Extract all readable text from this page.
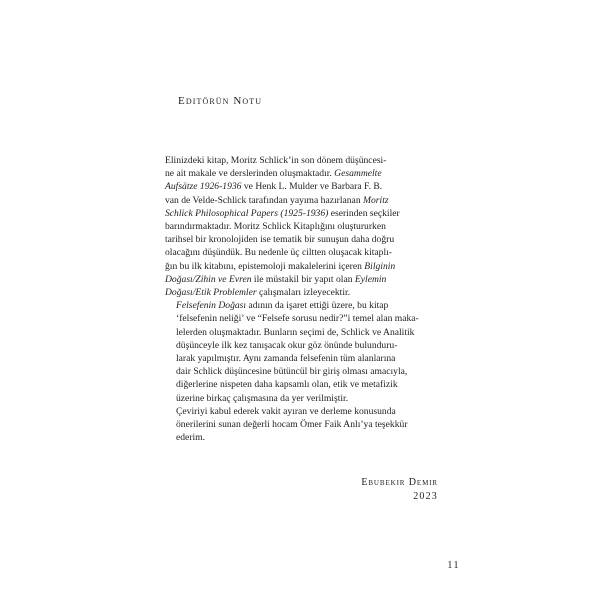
Editörün Notu

Elinizdeki kitap, Moritz Schlick’in son dönem düşüncesi-
ne ait makale ve derslerinden oluşmaktadır. Gesammelte
Aufsätze 1926-1936 ve Henk L. Mulder ve Barbara F. B.
van de Velde-Schlick tarafından yayıma hazırlanan Moritz
Schlick Philosophical Papers (1925-1936) eserinden seçkiler
barındırmaktadır. Moritz Schlick Kitaplığını oluştururken
tarihsel bir kronolojiden ise tematik bir sunuşun daha doğru
olacağını düşündük. Bu nedenle üç ciltten oluşacak kitaplı-
ğın bu ilk kitabını, epistemoloji makalelerini içeren Bilginin
Doğası/Zihin ve Evren ile müstakil bir yapıt olan Eylemin
Doğası/Etik Problemler çalışmaları izleyecektir.

Felsefenin Doğası adının da işaret ettiği üzere, bu kitap
‘felsefenin neliği’ ve “Felsefe sorusu nedir?”i temel alan maka-
lelerden oluşmaktadır. Bunların seçimi de, Schlick ve Analitik
düşünceyle ilk kez tanışacak okur göz önünde bulunduru-
larak yapılmıştır. Aynı zamanda felsefenin tüm alanlarına
dair Schlick düşüncesine bütüncül bir giriş olması amacıyla,
diğerlerine nispeten daha kapsamlı olan, etik ve metafizik
üzerine birkaç çalışmasına da yer verilmiştir.

Çeviriyi kabul ederek vakit ayıran ve derleme konusunda
önerilerini sunan değerli hocam Ömer Faik Anlı’ya teşekkür
ederim.

Ebubekir Demir
2023
11
